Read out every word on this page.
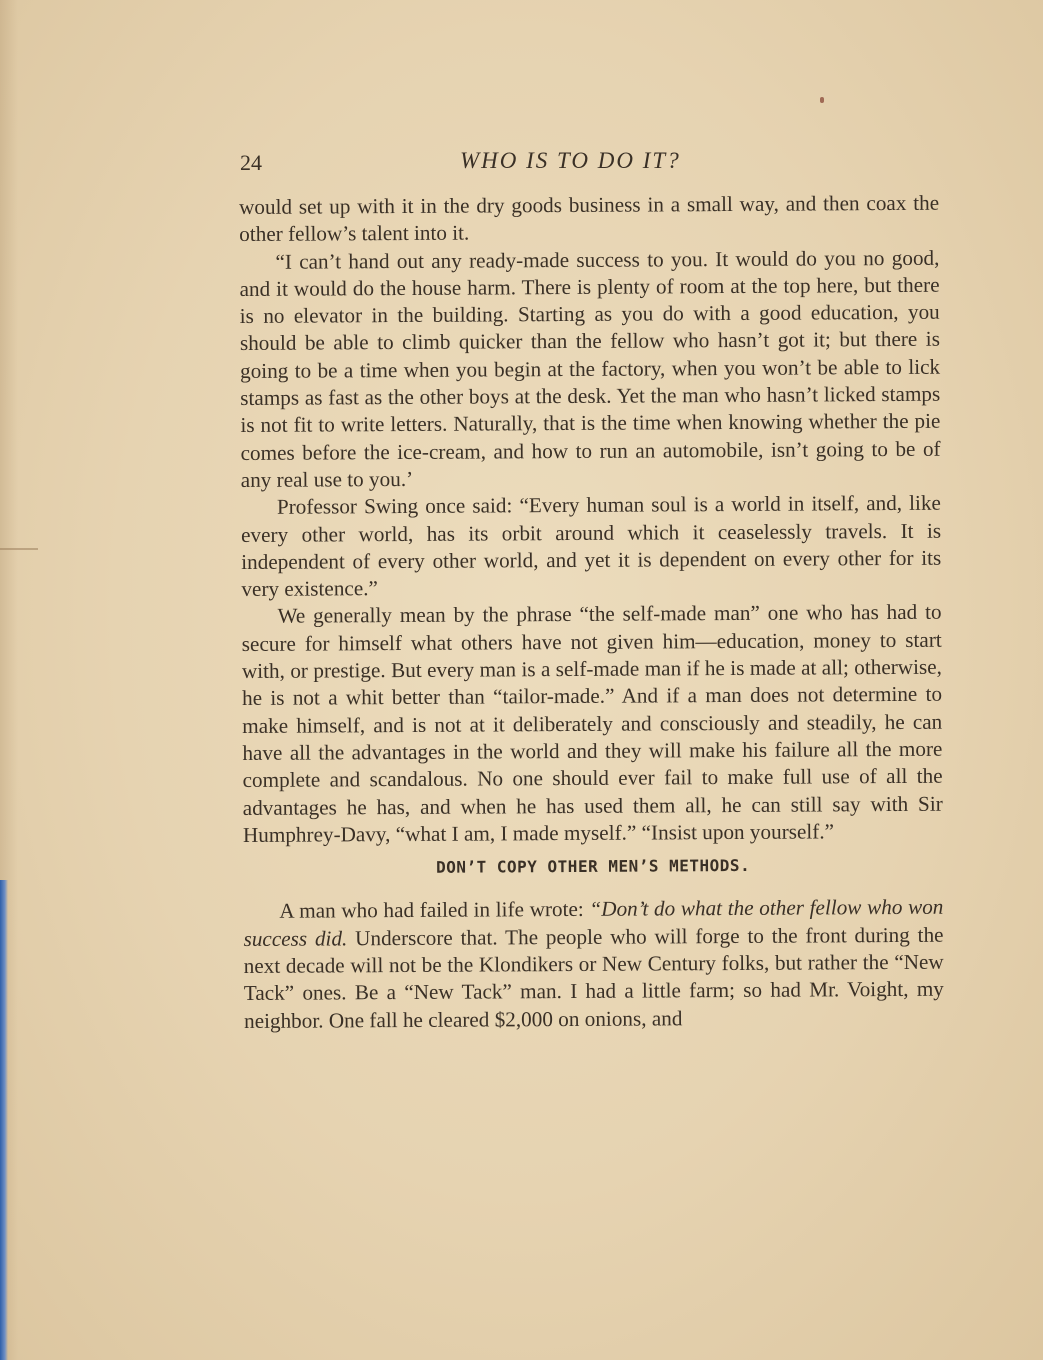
24	WHO IS TO DO IT?

would set up with it in the dry goods business in a small way, and then coax the other fellow’s talent into it.

“I can’t hand out any ready-made success to you. It would do you no good, and it would do the house harm. There is plenty of room at the top here, but there is no elevator in the building. Starting as you do with a good education, you should be able to climb quicker than the fellow who hasn’t got it; but there is going to be a time when you begin at the factory, when you won’t be able to lick stamps as fast as the other boys at the desk. Yet the man who hasn’t licked stamps is not fit to write letters. Naturally, that is the time when knowing whether the pie comes before the ice-cream, and how to run an automobile, isn’t going to be of any real use to you.’

Professor Swing once said: “Every human soul is a world in itself, and, like every other world, has its orbit around which it ceaselessly travels. It is independent of every other world, and yet it is dependent on every other for its very existence.”

We generally mean by the phrase “the self-made man” one who has had to secure for himself what others have not given him—education, money to start with, or prestige. But every man is a self-made man if he is made at all; otherwise, he is not a whit better than “tailor-made.” And if a man does not determine to make himself, and is not at it deliberately and consciously and steadily, he can have all the advantages in the world and they will make his failure all the more complete and scandalous. No one should ever fail to make full use of all the advantages he has, and when he has used them all, he can still say with Sir Humphrey-Davy, “what I am, I made myself.” “Insist upon yourself.”

DON’T COPY OTHER MEN’S METHODS.

A man who had failed in life wrote: “Don’t do what the other fellow who won success did. Underscore that. The people who will forge to the front during the next decade will not be the Klondikers or New Century folks, but rather the “New Tack” ones. Be a “New Tack” man. I had a little farm; so had Mr. Voight, my neighbor. One fall he cleared $2,000 on onions, and
